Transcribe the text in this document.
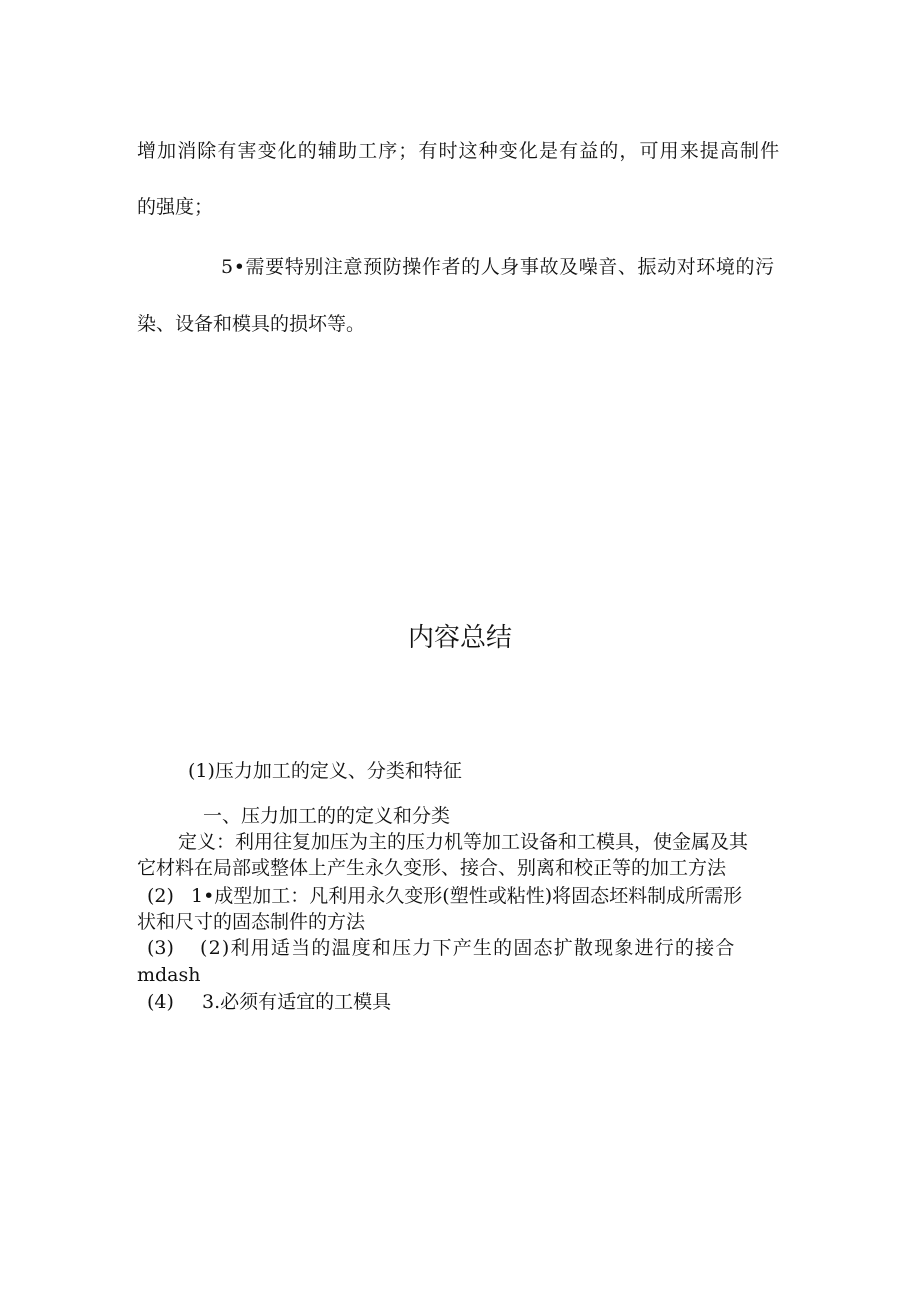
增加消除有害变化的辅助工序；有时这种变化是有益的，可用来提高制件
的强度；
5•需要特别注意预防操作者的人身事故及噪音、振动对环境的污
染、设备和模具的损坏等。
内容总结
(1)压力加工的定义、分类和特征
一、压力加工的的定义和分类
定义：利用往复加压为主的压力机等加工设备和工模具，使金属及其
它材料在局部或整体上产生永久变形、接合、别离和校正等的加工方法
(2) 1•成型加工：凡利用永久变形(塑性或粘性)将固态坯料制成所需形
状和尺寸的固态制件的方法
(3) (2)利用适当的温度和压力下产生的固态扩散现象进行的接合
mdash
(4) 3.必须有适宜的工模具
